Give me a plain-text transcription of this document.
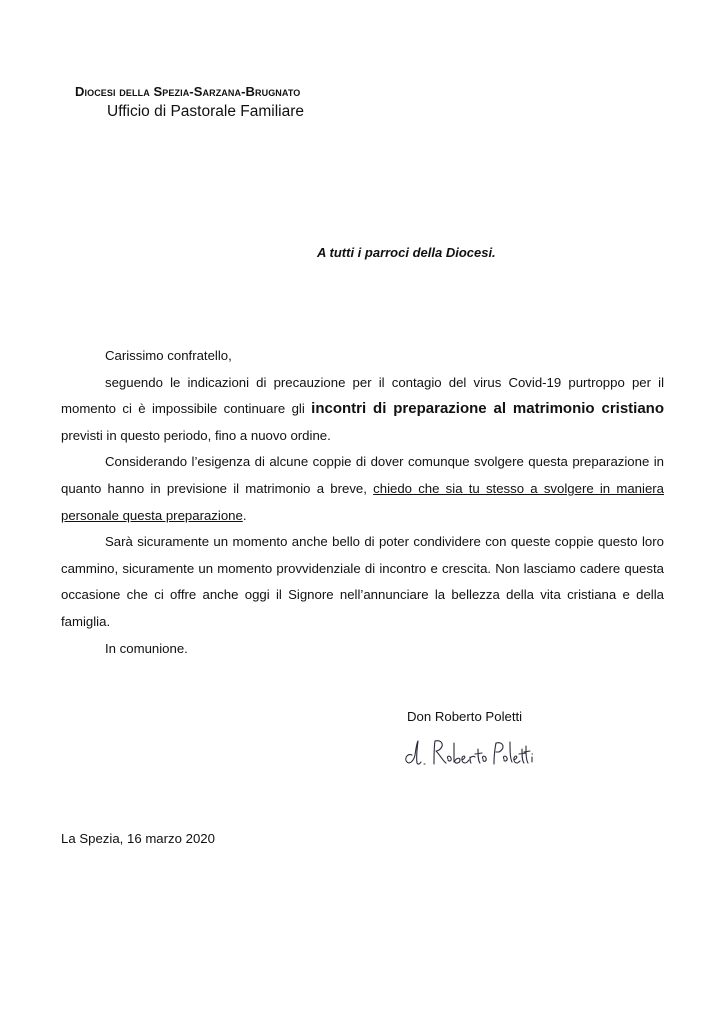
Diocesi della Spezia-Sarzana-Brugnato
Ufficio di Pastorale Familiare
A tutti i parroci della Diocesi.

Carissimo confratello,

seguendo le indicazioni di precauzione per il contagio del virus Covid-19 purtroppo per il momento ci è impossibile continuare gli incontri di preparazione al matrimonio cristiano previsti in questo periodo, fino a nuovo ordine.

Considerando l’esigenza di alcune coppie di dover comunque svolgere questa preparazione in quanto hanno in previsione il matrimonio a breve, chiedo che sia tu stesso a svolgere in maniera personale questa preparazione.

Sarà sicuramente un momento anche bello di poter condividere con queste coppie questo loro cammino, sicuramente un momento provvidenziale di incontro e crescita. Non lasciamo cadere questa occasione che ci offre anche oggi il Signore nell’annunciare la bellezza della vita cristiana e della famiglia.

In comunione.

Don Roberto Poletti
La Spezia, 16 marzo 2020
